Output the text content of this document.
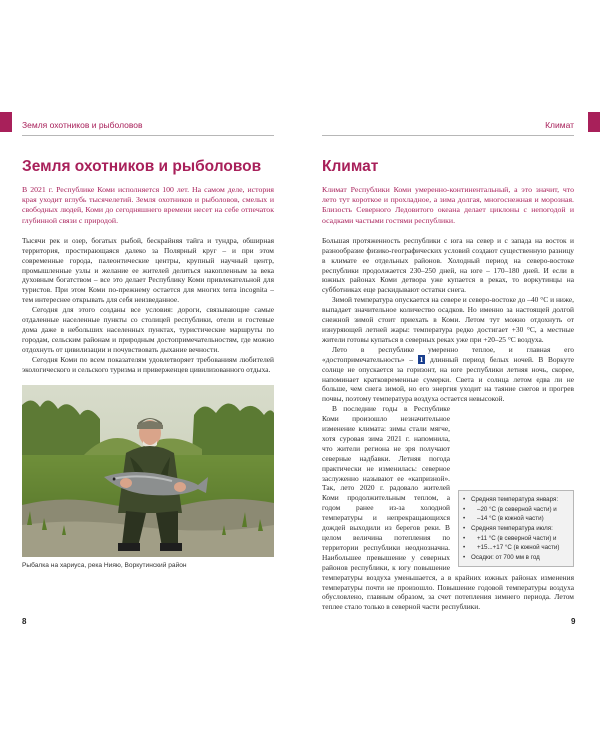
Земля охотников и рыболовов
Земля охотников и рыболовов

В 2021 г. Республике Коми исполняется 100 лет. На самом деле, история края уходит вглубь тысячелетий. Земля охотников и рыболовов, смелых и свободных людей, Коми до сегодняшнего времени несет на себе отпечаток глубинной связи с природой.

Тысячи рек и озер, богатых рыбой, бескрайняя тайга и тундра, обширная территория, простирающаяся далеко за Полярный круг – и при этом современные города, палеонтические центры, крупный научный центр, промышленные узлы и желание ее жителей делиться накопленным за века духовным богатством – все это делает Республику Коми привлекательной для туристов. При этом Коми по-прежнему остается для многих terra incognita – тем интереснее открывать для себя неизведанное.

Сегодня для этого созданы все условия: дороги, связывающие самые отдаленные населенные пункты со столицей республики, отели и гостевые дома даже в небольших населенных пунктах, туристические маршруты по городам, сельским районам и природным достопримечательностям, где можно отдохнуть от цивилизации и почувствовать дыхание вечности.

Сегодня Коми по всем показателям удовлетворяет требованиям любителей экологического и сельского туризма и приверженцев цивилизованного отдыха.

Рыбалка на хариуса, река Нияю, Воркутинский район
Климат
Климат

Климат Республики Коми умеренно-континентальный, а это значит, что лето тут короткое и прохладное, а зима долгая, многоснежная и морозная. Близость Северного Ледовитого океана делает циклоны с непогодой и осадками частыми гостями республики.

Большая протяженность республики с юга на север и с запада на восток и разнообразие физико-географических условий создают существенную разницу в климате ее отдельных районов. Холодный период на северо-востоке республики продолжается 230–250 дней, на юге – 170–180 дней. И если в южных районах Коми детвора уже купается в реках, то воркутинцы на субботниках еще раскидывают остатки снега.

Зимой температура опускается на севере и северо-востоке до –40 °С и ниже, выпадает значительное количество осадков. Но именно за настоящей долгой снежной зимой стоит приехать в Коми. Летом тут можно отдохнуть от изнуряющей летней жары: температура редко достигает +30 °С, а местные жители готовы купаться в северных реках уже при +20–25 °С воздуха.

Лето в республике умеренно теплое, и главная его «достопримечательность» – 1 длинный период белых ночей. В Воркуте солнце не опускается за горизонт, на юге республики летняя ночь, скорее, напоминает кратковременные сумерки. Света и солнца летом едва ли не больше, чем снега зимой, но его энергия уходит на таяние снегов и прогрев почвы, поэтому температура воздуха остается невысокой.

• Средняя температура января:
• –20 °С (в северной части) и
• –14 °С (в южной части)
• Средняя температура июля:
• +11 °С (в северной части) и
• +15...+17 °С (в южной части)
• Осадки: от 700 мм в год
В последние годы в Республике Коми произошло незначительное изменение климата: зимы стали мягче, хотя суровая зима 2021 г. напомнила, что жители региона не зря получают северные надбавки. Летняя погода практически не изменилась: северное заслуженно называют ее «капризной». Так, лето 2020 г. радовало жителей Коми продолжительным теплом, а годом ранее из-за холодной температуры и непрекращающихся дождей выходили из берегов реки. В целом величина потепления по территории республики неоднозначна. Наибольшее превышение у северных районов республики, к югу повышение температуры воздуха уменьшается, а в крайних южных районах изменения температуры почти не произошло. Повышение годовой температуры воздуха обусловлено, главным образом, за счет потепления зимнего периода. Летом теплее стало только в северной части республики.
8	9
